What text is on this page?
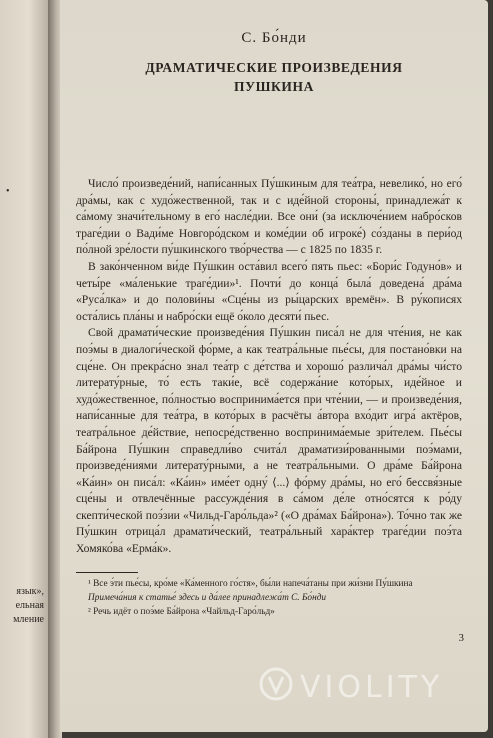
•
язык»,
ельная
мление
С. Бо́нди
ДРАМАТИЧЕСКИЕ ПРОИЗВЕДЕНИЯ
ПУШКИНА

Число́ произведе́ний, напи́санных Пу́шкиным для теа́тра, невелико́, но его́ дра́мы, как с худо́жественной, так и с иде́йной стороны́, принадлежа́т к са́мому значи́тельному в его́ насле́дии. Все они́ (за исключе́нием набро́сков траге́дии о Вади́ме Новгоро́дском и коме́дии об игроке́) со́зданы в пери́од по́лной зре́лости пу́шкинского тво́рчества — с 1825 по 1835 г.

В зако́нченном ви́де Пу́шкин оста́вил всего́ пять пьес: «Бори́с Годуно́в» и четы́ре «ма́ленькие траге́дии»¹. Почти́ до конца́ была́ доведена́ дра́ма «Руса́лка» и до полови́ны «Сце́ны из ры́царских времён». В ру́кописях оста́лись пла́ны и набро́ски ещё о́коло десяти́ пьес.

Свой драмати́ческие произведе́ния Пу́шкин писа́л не для чте́ния, не как поэ́мы в диалоги́ческой фо́рме, а как театра́льные пье́сы, для постано́вки на сце́не. Он прекра́сно знал теа́тр с де́тства и хорошо́ различа́л дра́мы чи́сто литерату́рные, то́ есть таки́е, всё содержа́ние кото́рых, иде́йное и худо́жественное, по́лностью воспринима́ется при чте́нии, — и произведе́ния, напи́санные для теа́тра, в кото́рых в расчёты а́втора вхо́дит игра́ актёров, театра́льное де́йствие, непосре́дственно воспринима́емые зри́телем. Пье́сы Ба́йрона Пу́шкин справедли́во счита́л драматизи́рованными поэ́мами, произведе́ниями литерату́рными, а не театра́льными. О дра́ме Ба́йрона «Ка́ин» он писа́л: «Ка́ин» име́ет одну́ ⟨...⟩ фо́рму дра́мы, но его́ бессвя́зные сце́ны и отвлечённые рассужде́ния в са́мом де́ле отно́сятся к ро́ду скепти́ческой поэ́зии «Чильд-Гаро́льда»² («О дра́мах Ба́йрона»). То́чно так же Пу́шкин отрица́л драмати́ческий, театра́льный хара́ктер траге́дии поэ́та Хомяко́ва «Ерма́к».

¹ Все э́ти пье́сы, кро́ме «Ка́менного го́стя», бы́ли напеча́таны при жи́зни Пу́шкина

Примеча́ния к статье́ здесь и да́лее принадлежа́т С. Бо́нди

² Речь идёт о поэ́ме Ба́йрона «Чайльд-Гаро́льд»

3
VIOLITY
